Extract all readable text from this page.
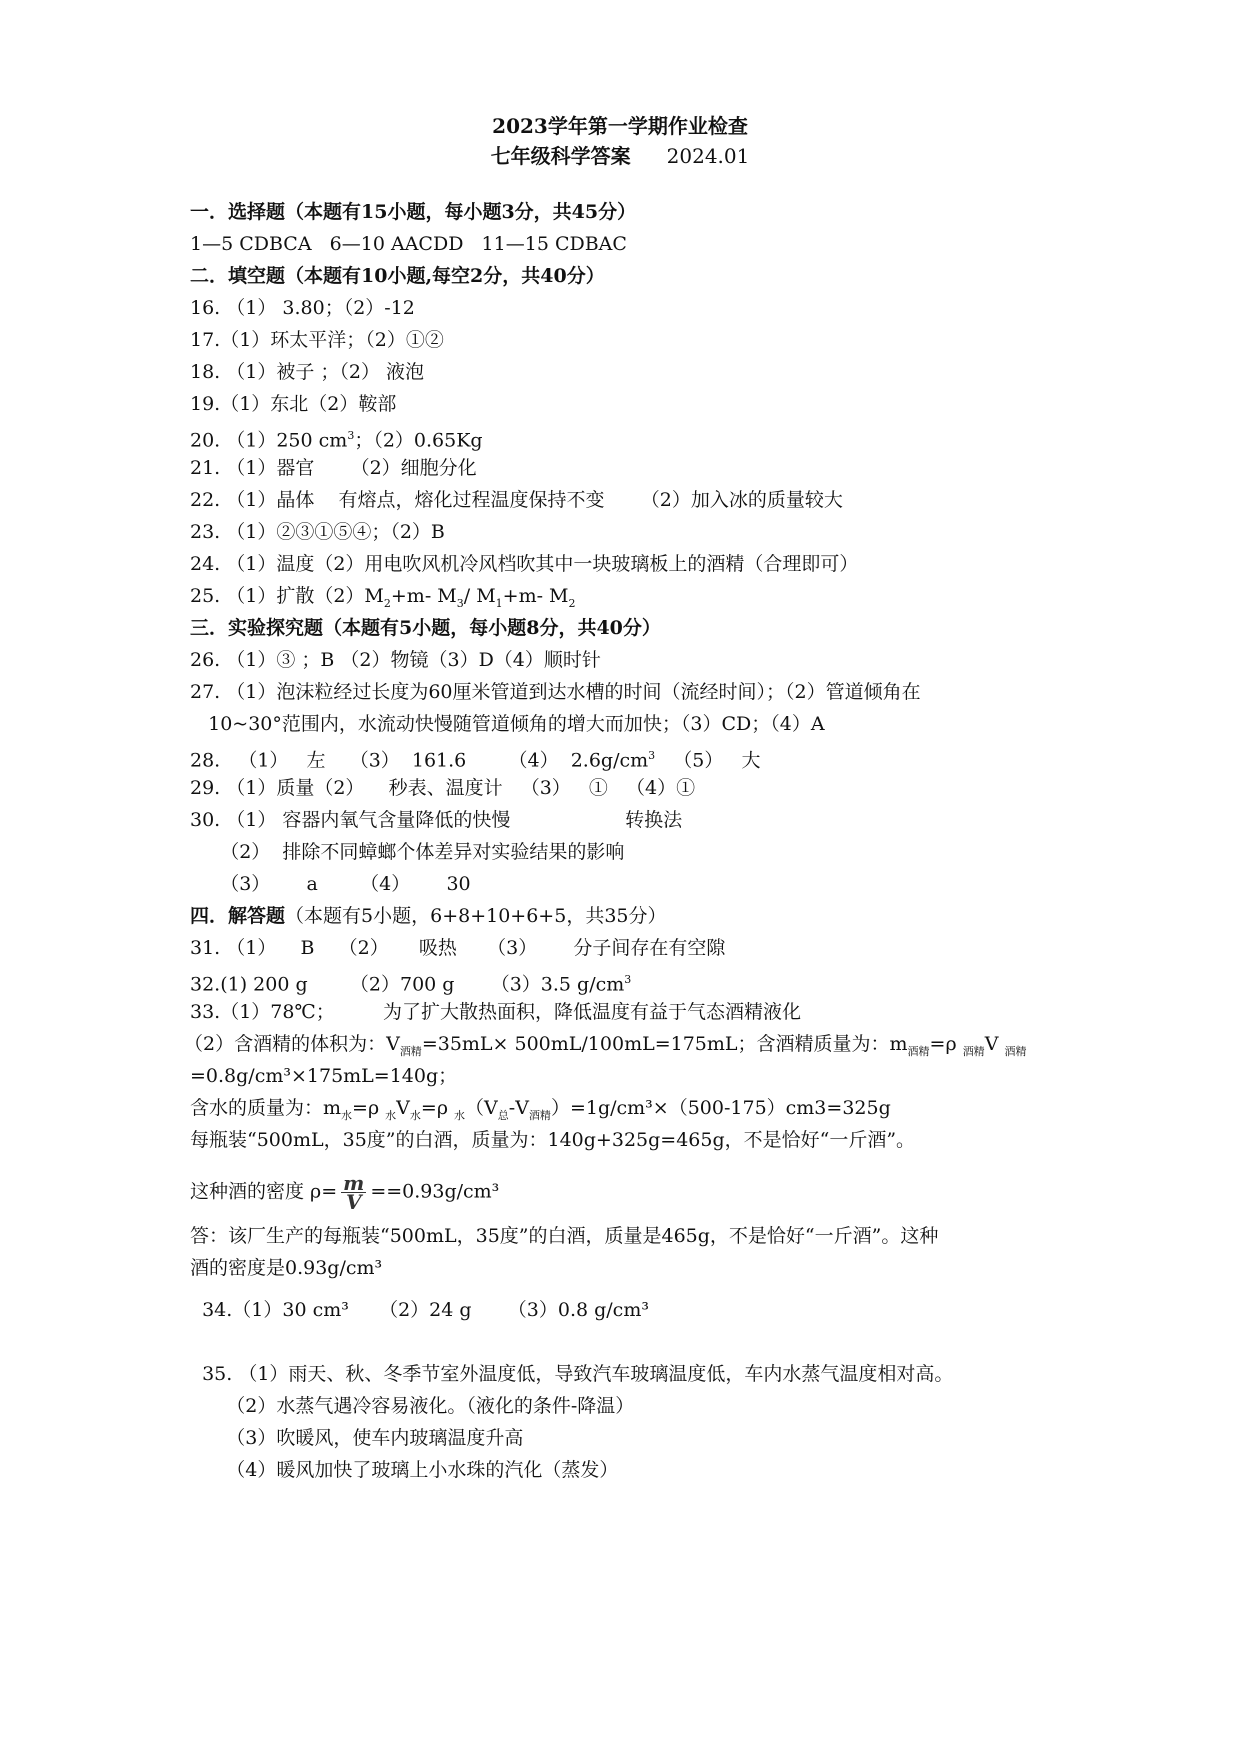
2023学年第一学期作业检查
七年级科学答案 2024.01
一．选择题（本题有15小题，每小题3分，共45分）
1—5 CDBCA   6—10 AACDD   11—15 CDBAC
二．填空题（本题有10小题,每空2分，共40分）
16. （1） 3.80；（2）-12
17.（1）环太平洋；（2）①②
18. （1）被子 ；（2） 液泡
19.（1）东北（2）鞍部
20. （1）250 $cm^3$；（2）0.65Kg
21. （1）器官      （2）细胞分化
22. （1）晶体    有熔点，熔化过程温度保持不变      （2）加入冰的质量较大
23. （1）②③①⑤④；（2）B
24. （1）温度（2）用电吹风机冷风档吹其中一块玻璃板上的酒精（合理即可）
25. （1）扩散$(2)M_2+m-$ $M_3/$ $M_1+m-$ $M_2$
三．实验探究题（本题有5小题，每小题8分，共40分）
26. （1）③ ；B （2）物镜（3）D（4）顺时针
27. （1）泡沫粒经过长度为60厘米管道到达水槽的时间（流经时间）；（2）管道倾角在
10~30°范围内，水流动快慢随管道倾角的增大而加快；（3）CD；（4）A
28.   （1）   左    （3）  161.6       （4）  $2.6g/cm^3$   （5）   大
29. （1）质量（2）    秒表、温度计   （3）   ①   （4）①
30. （1） 容器内氧气含量降低的快慢                   转换法
（2）  排除不同蟑螂个体差异对实验结果的影响
（3）      a       （4）      30
四．解答题（本题有5小题，6+8+10+6+5，共35分）
31. （1）    B    （2）     吸热     （3）      分子间存在有空隙
32.(1) 200 g       （2）700 g      （3）3.5 $g/cm^3$
33.（1）78℃；        为了扩大散热面积，降低温度有益于气态酒精液化
（2）含酒精的体积为：$V_{酒精}=35mL\times 500mL/100mL=175mL$；含酒精质量为：$m_{酒精}=\rho$ $_{酒精}$V $_{酒精}$
=0.8g/cm³×175mL=140g；
含水的质量为：$m_水=\rho$ $_水V_水=\rho$ $_水(V_总-V_{酒精})=1g/cm^3\times(500-175)cm3=325g$
每瓶装“500mL，35度”的白酒，质量为：140g+325g=465g，不是恰好“一斤酒”。
这种酒的密度 $\rho= \frac{m}{V} ==0.93g/cm^3$
答：该厂生产的每瓶装“500mL，35度”的白酒，质量是465g，不是恰好“一斤酒”。这种
酒的密度是0.93g/cm³
34.（1）30 cm³     （2）24 g      （3）0.8 g/cm³
35. （1）雨天、秋、冬季节室外温度低，导致汽车玻璃温度低，车内水蒸气温度相对高。
（2）水蒸气遇冷容易液化。（液化的条件-降温）
（3）吹暖风，使车内玻璃温度升高
（4）暖风加快了玻璃上小水珠的汽化（蒸发）
